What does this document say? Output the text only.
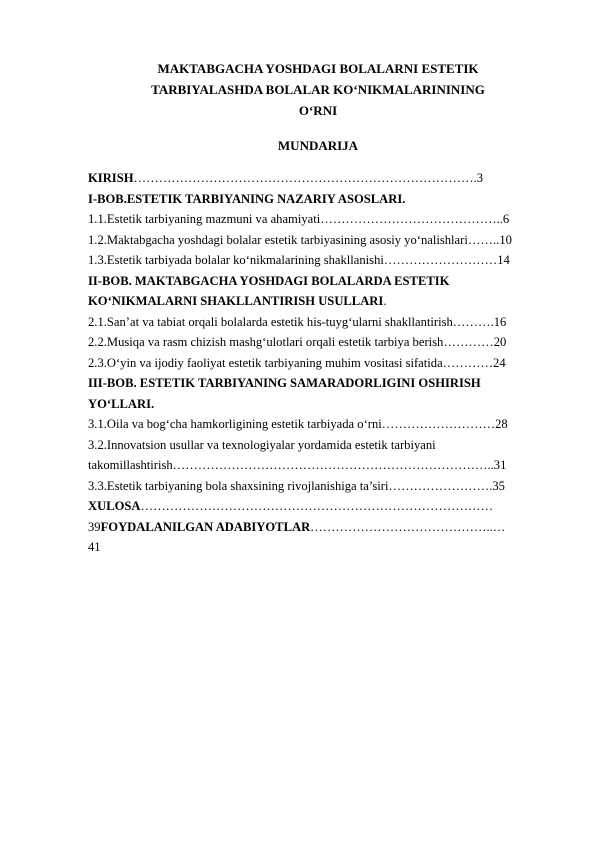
MAKTABGACHA YOSHDAGI BOLALARNI ESTETIK
TARBIYALASHDA BOLALAR KO‘NIKMALARININING
O‘RNI
MUNDARIJA
KIRISH……………………………………………………………………….3
I-BOB.ESTETIK TARBIYANING NAZARIY ASOSLARI.
1.1.Estetik tarbiyaning mazmuni va ahamiyati……………………………………..6
1.2.Maktabgacha yoshdagi bolalar estetik tarbiyasining asosiy yo‘nalishlari……..10
1.3.Estetik tarbiyada bolalar ko‘nikmalarining shakllanishi………………………14
II-BOB. MAKTABGACHA YOSHDAGI BOLALARDA ESTETIK
KO‘NIKMALARNI SHAKLLANTIRISH USULLARI.
2.1.San’at va tabiat orqali bolalarda estetik his-tuyg‘ularni shakllantirish……….16
2.2.Musiqa va rasm chizish mashg‘ulotlari orqali estetik tarbiya berish…………20
2.3.O‘yin va ijodiy faoliyat estetik tarbiyaning muhim vositasi sifatida…………24
III-BOB. ESTETIK TARBIYANING SAMARADORLIGINI OSHIRISH
YO‘LLARI.
3.1.Oila va bog‘cha hamkorligining estetik tarbiyada o‘rni………………………28
3.2.Innovatsion usullar va texnologiyalar yordamida estetik tarbiyani
takomillashtirish…………………………………………………………………..31
3.3.Estetik tarbiyaning bola shaxsining rivojlanishiga ta’siri…………………….35
XULOSA…………………………………………………………………………
39FOYDALANILGAN ADABIYOTLAR……………………………………..…
41
